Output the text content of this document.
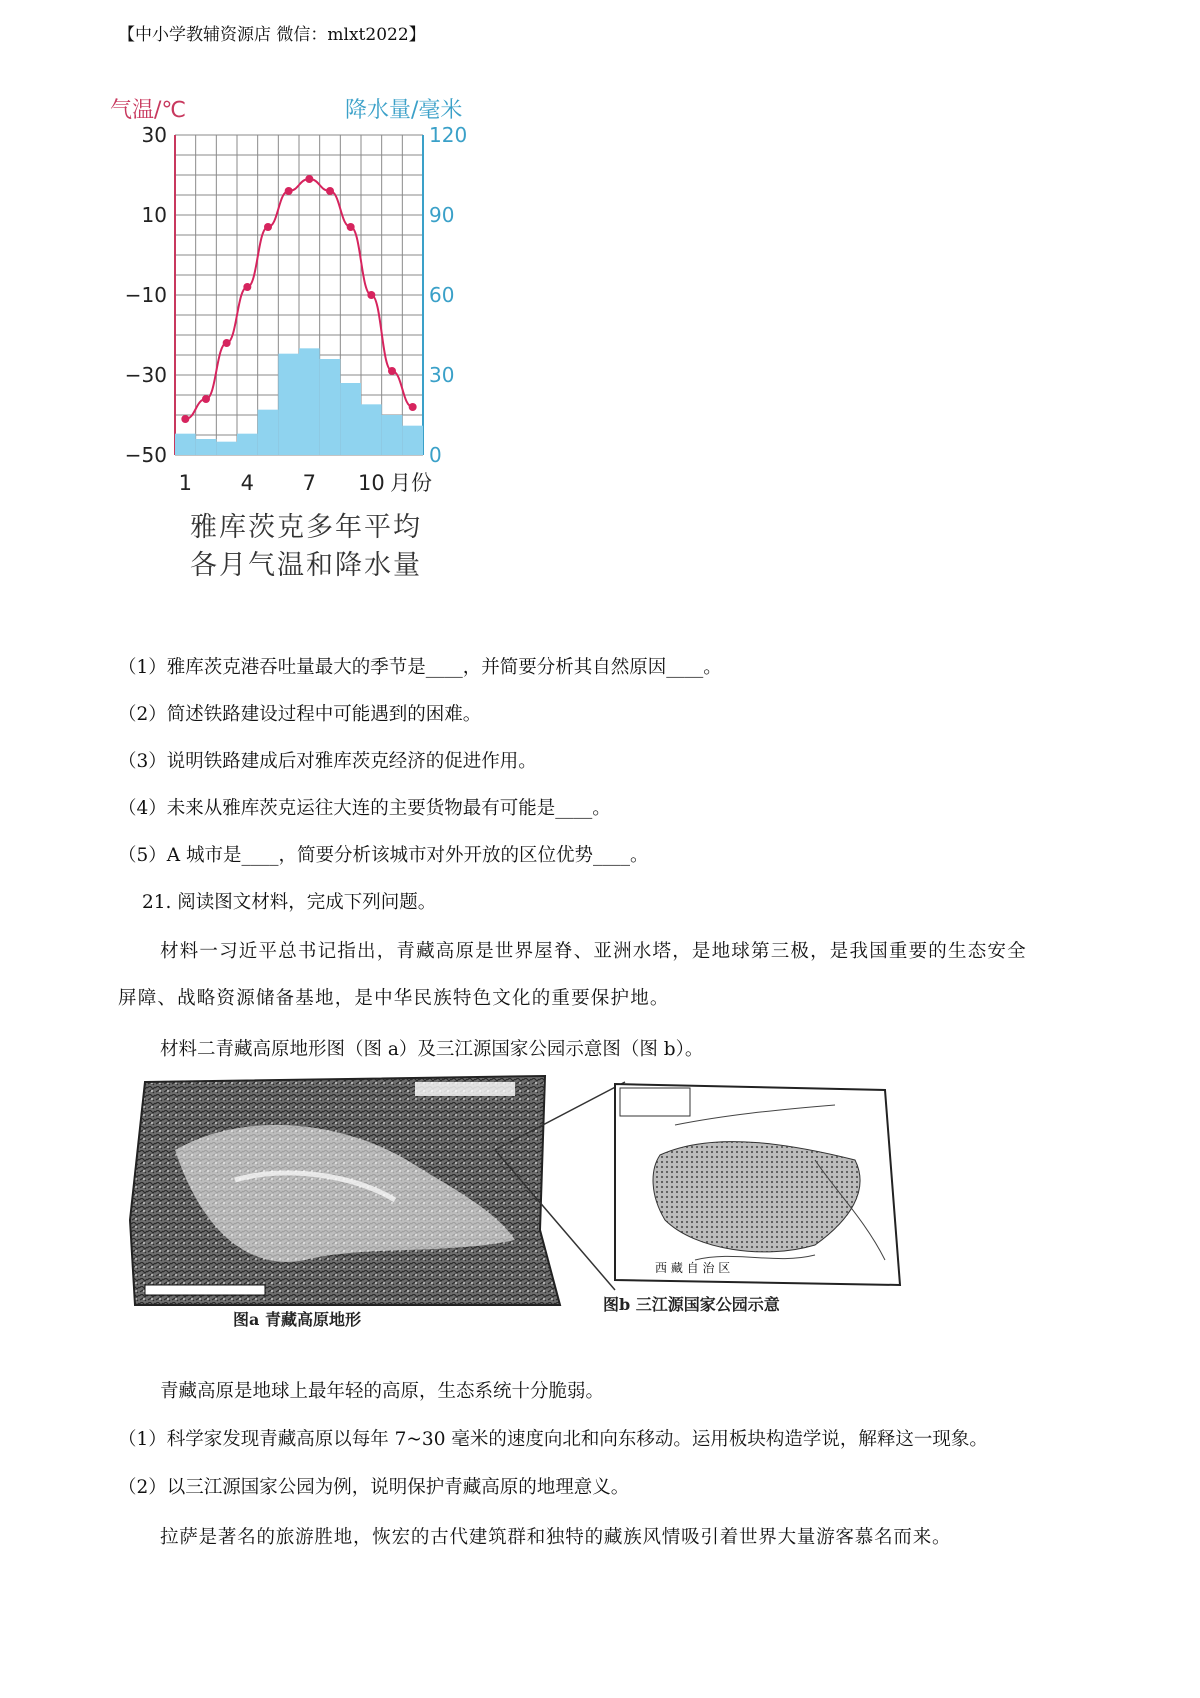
【中小学教辅资源店 微信：mlxt2022】
气温/℃	降水量/毫米
30
10
−10
−30
−50
120
90
60
30
0
1 4 7 10 月份
雅库茨克多年平均
各月气温和降水量
（1）雅库茨克港吞吐量最大的季节是____，并简要分析其自然原因____。
（2）简述铁路建设过程中可能遇到的困难。
（3）说明铁路建成后对雅库茨克经济的促进作用。
（4）未来从雅库茨克运往大连的主要货物最有可能是____。
（5）A 城市是____，简要分析该城市对外开放的区位优势____。
21. 阅读图文材料，完成下列问题。
材料一习近平总书记指出，青藏高原是世界屋脊、亚洲水塔，是地球第三极，是我国重要的生态安全
屏障、战略资源储备基地，是中华民族特色文化的重要保护地。
材料二青藏高原地形图（图 a）及三江源国家公园示意图（图 b）。
图a 青藏高原地形
西 藏 自 治 区
图b 三江源国家公园示意
青藏高原是地球上最年轻的高原，生态系统十分脆弱。
（1）科学家发现青藏高原以每年 7~30 毫米的速度向北和向东移动。运用板块构造学说，解释这一现象。
（2）以三江源国家公园为例，说明保护青藏高原的地理意义。
拉萨是著名的旅游胜地，恢宏的古代建筑群和独特的藏族风情吸引着世界大量游客慕名而来。
